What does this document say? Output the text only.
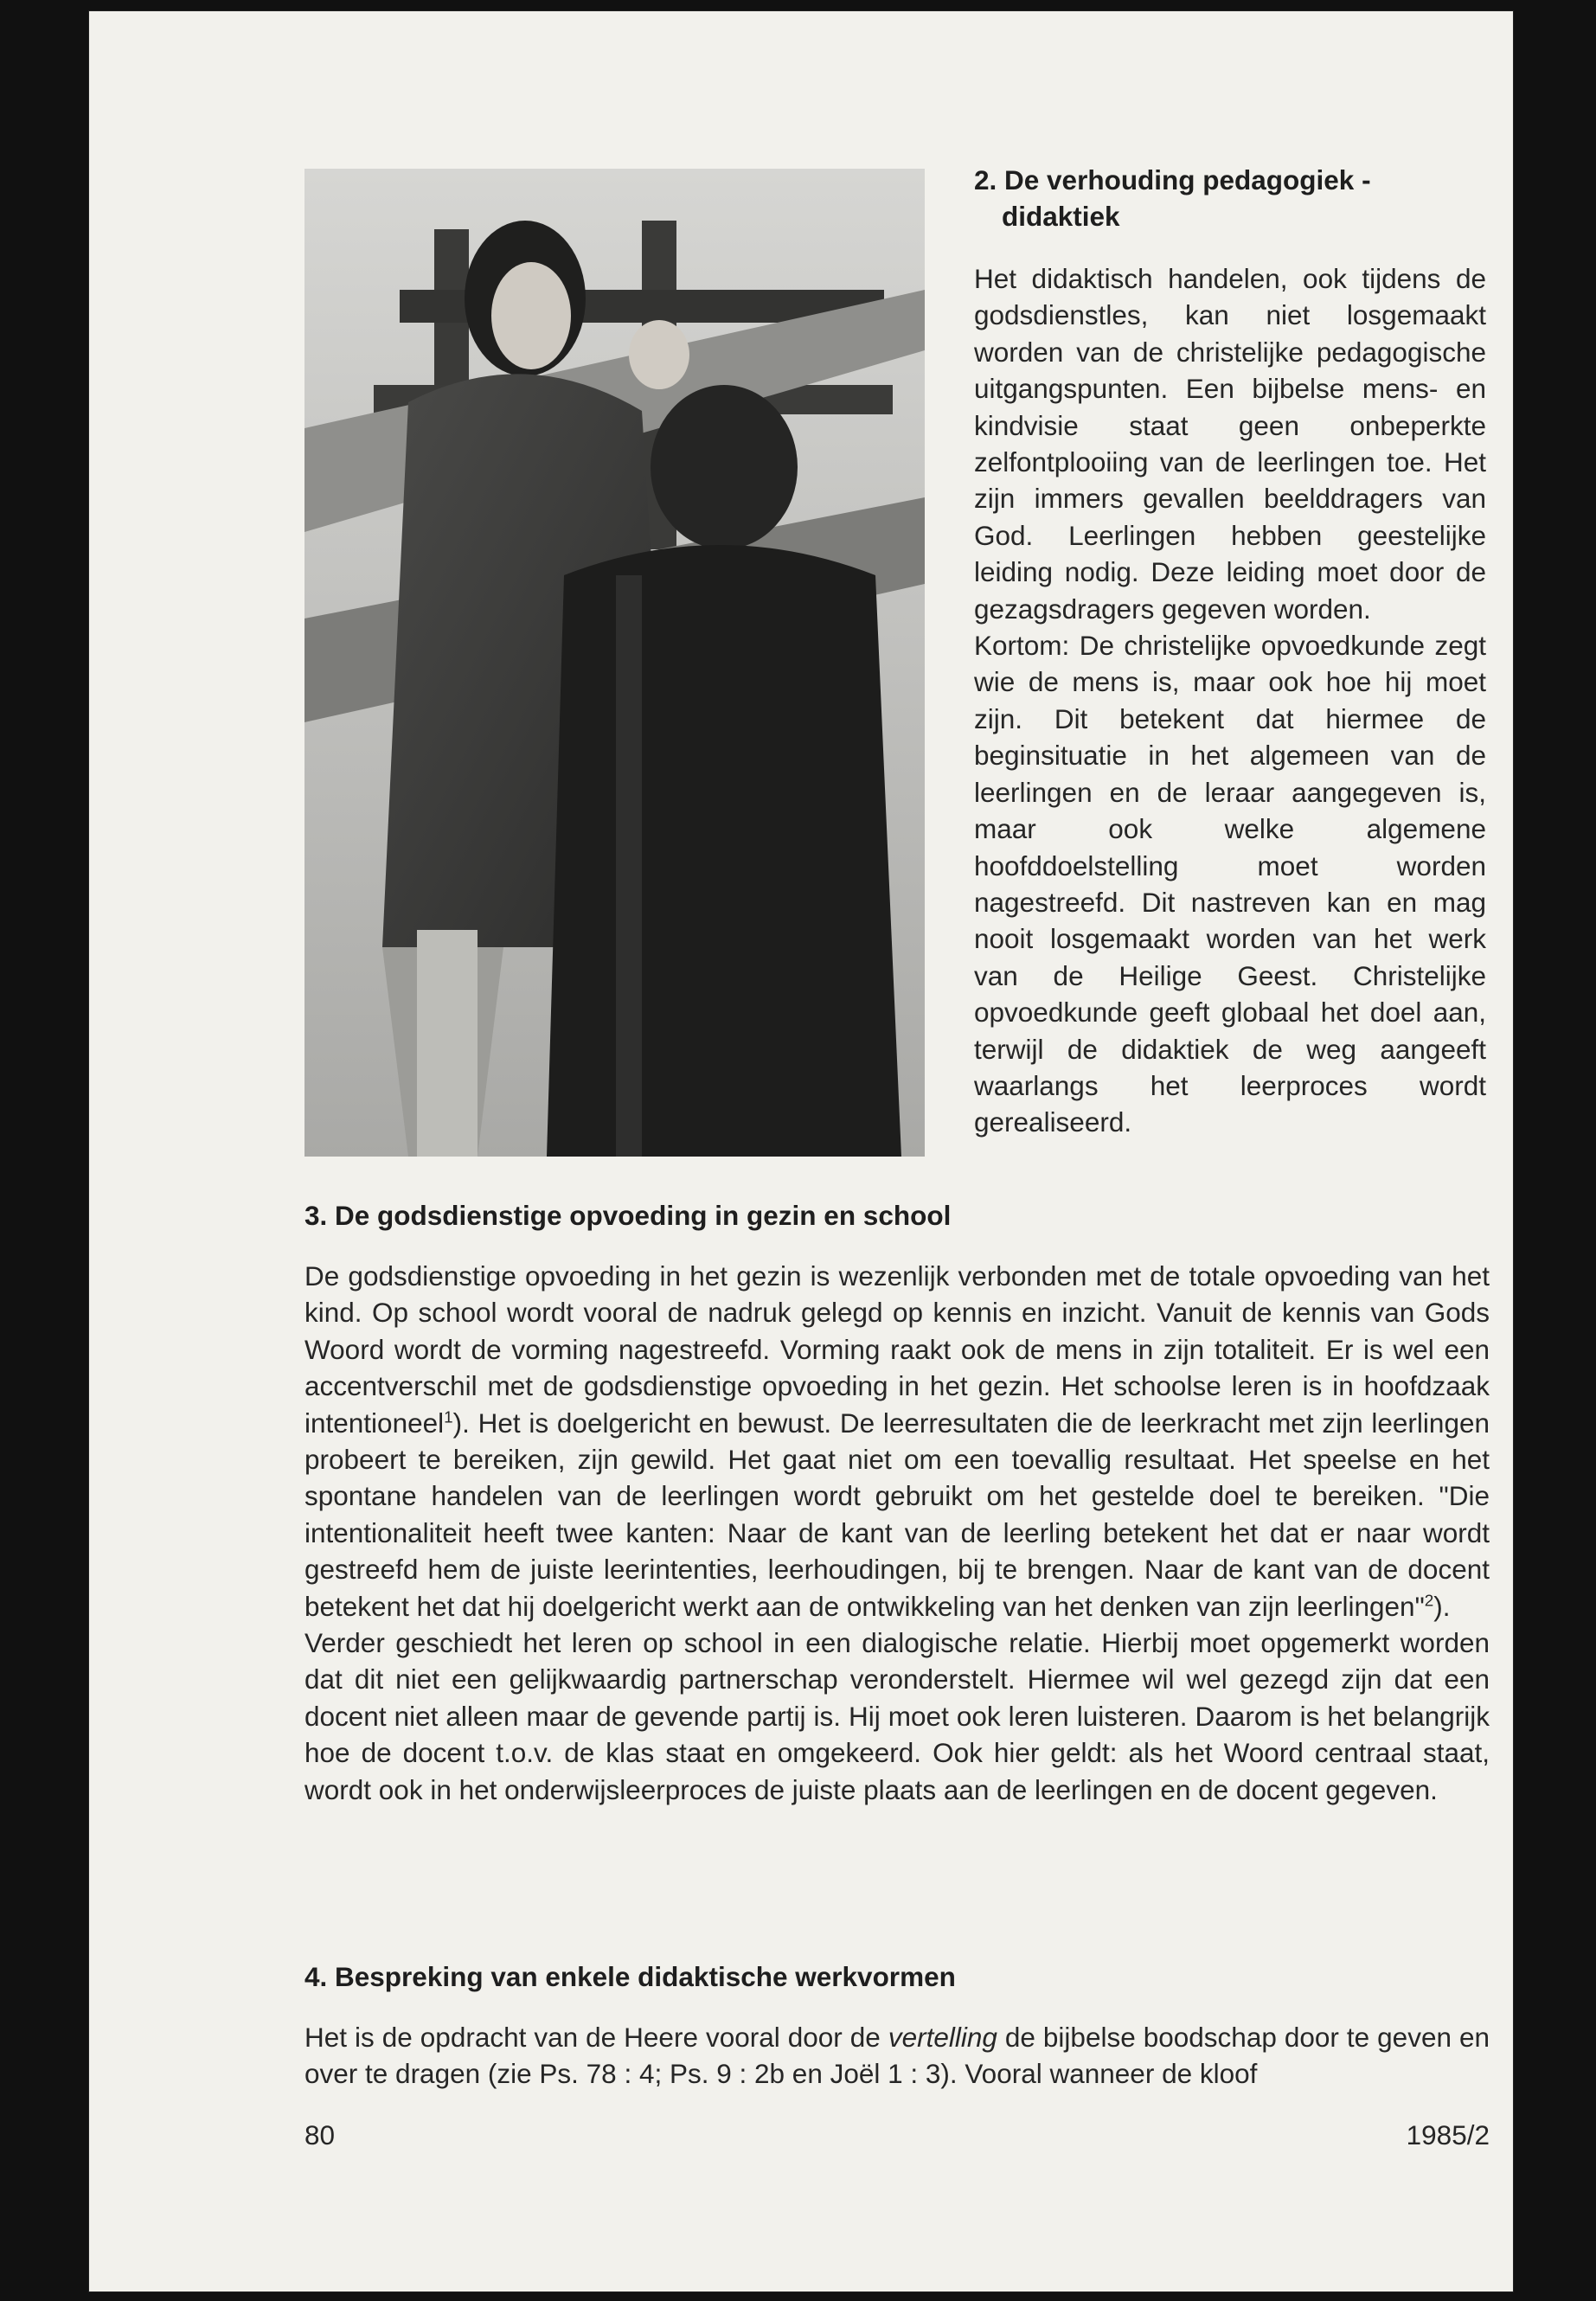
2. De verhouding pedagogiek -
didaktiek

Het didaktisch handelen, ook tijdens de godsdienstles, kan niet losgemaakt worden van de christelijke pedagogische uitgangspunten. Een bijbelse mens- en kindvisie staat geen onbeperkte zelfontplooiing van de leerlingen toe. Het zijn immers gevallen beelddragers van God. Leerlingen hebben geestelijke leiding nodig. Deze leiding moet door de gezagsdragers gegeven worden.

Kortom: De christelijke opvoedkunde zegt wie de mens is, maar ook hoe hij moet zijn. Dit betekent dat hiermee de beginsituatie in het algemeen van de leerlingen en de leraar aangegeven is, maar ook welke algemene hoofddoelstelling moet worden nagestreefd. Dit nastreven kan en mag nooit losgemaakt worden van het werk van de Heilige Geest. Christelijke opvoedkunde geeft globaal het doel aan, terwijl de didaktiek de weg aangeeft waarlangs het leerproces wordt gerealiseerd.

3. De godsdienstige opvoeding in gezin en school

De godsdienstige opvoeding in het gezin is wezenlijk verbonden met de totale opvoeding van het kind. Op school wordt vooral de nadruk gelegd op kennis en inzicht. Vanuit de kennis van Gods Woord wordt de vorming nagestreefd. Vorming raakt ook de mens in zijn totaliteit. Er is wel een accentverschil met de godsdienstige opvoeding in het gezin. Het schoolse leren is in hoofdzaak intentioneel$^1$). Het is doelgericht en bewust. De leerresultaten die de leerkracht met zijn leerlingen probeert te bereiken, zijn gewild. Het gaat niet om een toevallig resultaat. Het speelse en het spontane handelen van de leerlingen wordt gebruikt om het gestelde doel te bereiken. "Die intentionaliteit heeft twee kanten: Naar de kant van de leerling betekent het dat er naar wordt gestreefd hem de juiste leerintenties, leerhoudingen, bij te brengen. Naar de kant van de docent betekent het dat hij doelgericht werkt aan de ontwikkeling van het denken van zijn leerlingen"$^2$).

Verder geschiedt het leren op school in een dialogische relatie. Hierbij moet opgemerkt worden dat dit niet een gelijkwaardig partnerschap veronderstelt. Hiermee wil wel gezegd zijn dat een docent niet alleen maar de gevende partij is. Hij moet ook leren luisteren. Daarom is het belangrijk hoe de docent t.o.v. de klas staat en omgekeerd. Ook hier geldt: als het Woord centraal staat, wordt ook in het onderwijsleerproces de juiste plaats aan de leerlingen en de docent gegeven.

4. Bespreking van enkele didaktische werkvormen

Het is de opdracht van de Heere vooral door de vertelling de bijbelse boodschap door te geven en over te dragen (zie Ps. 78 : 4; Ps. 9 : 2b en Joël 1 : 3). Vooral wanneer de kloof

80	1985/2
